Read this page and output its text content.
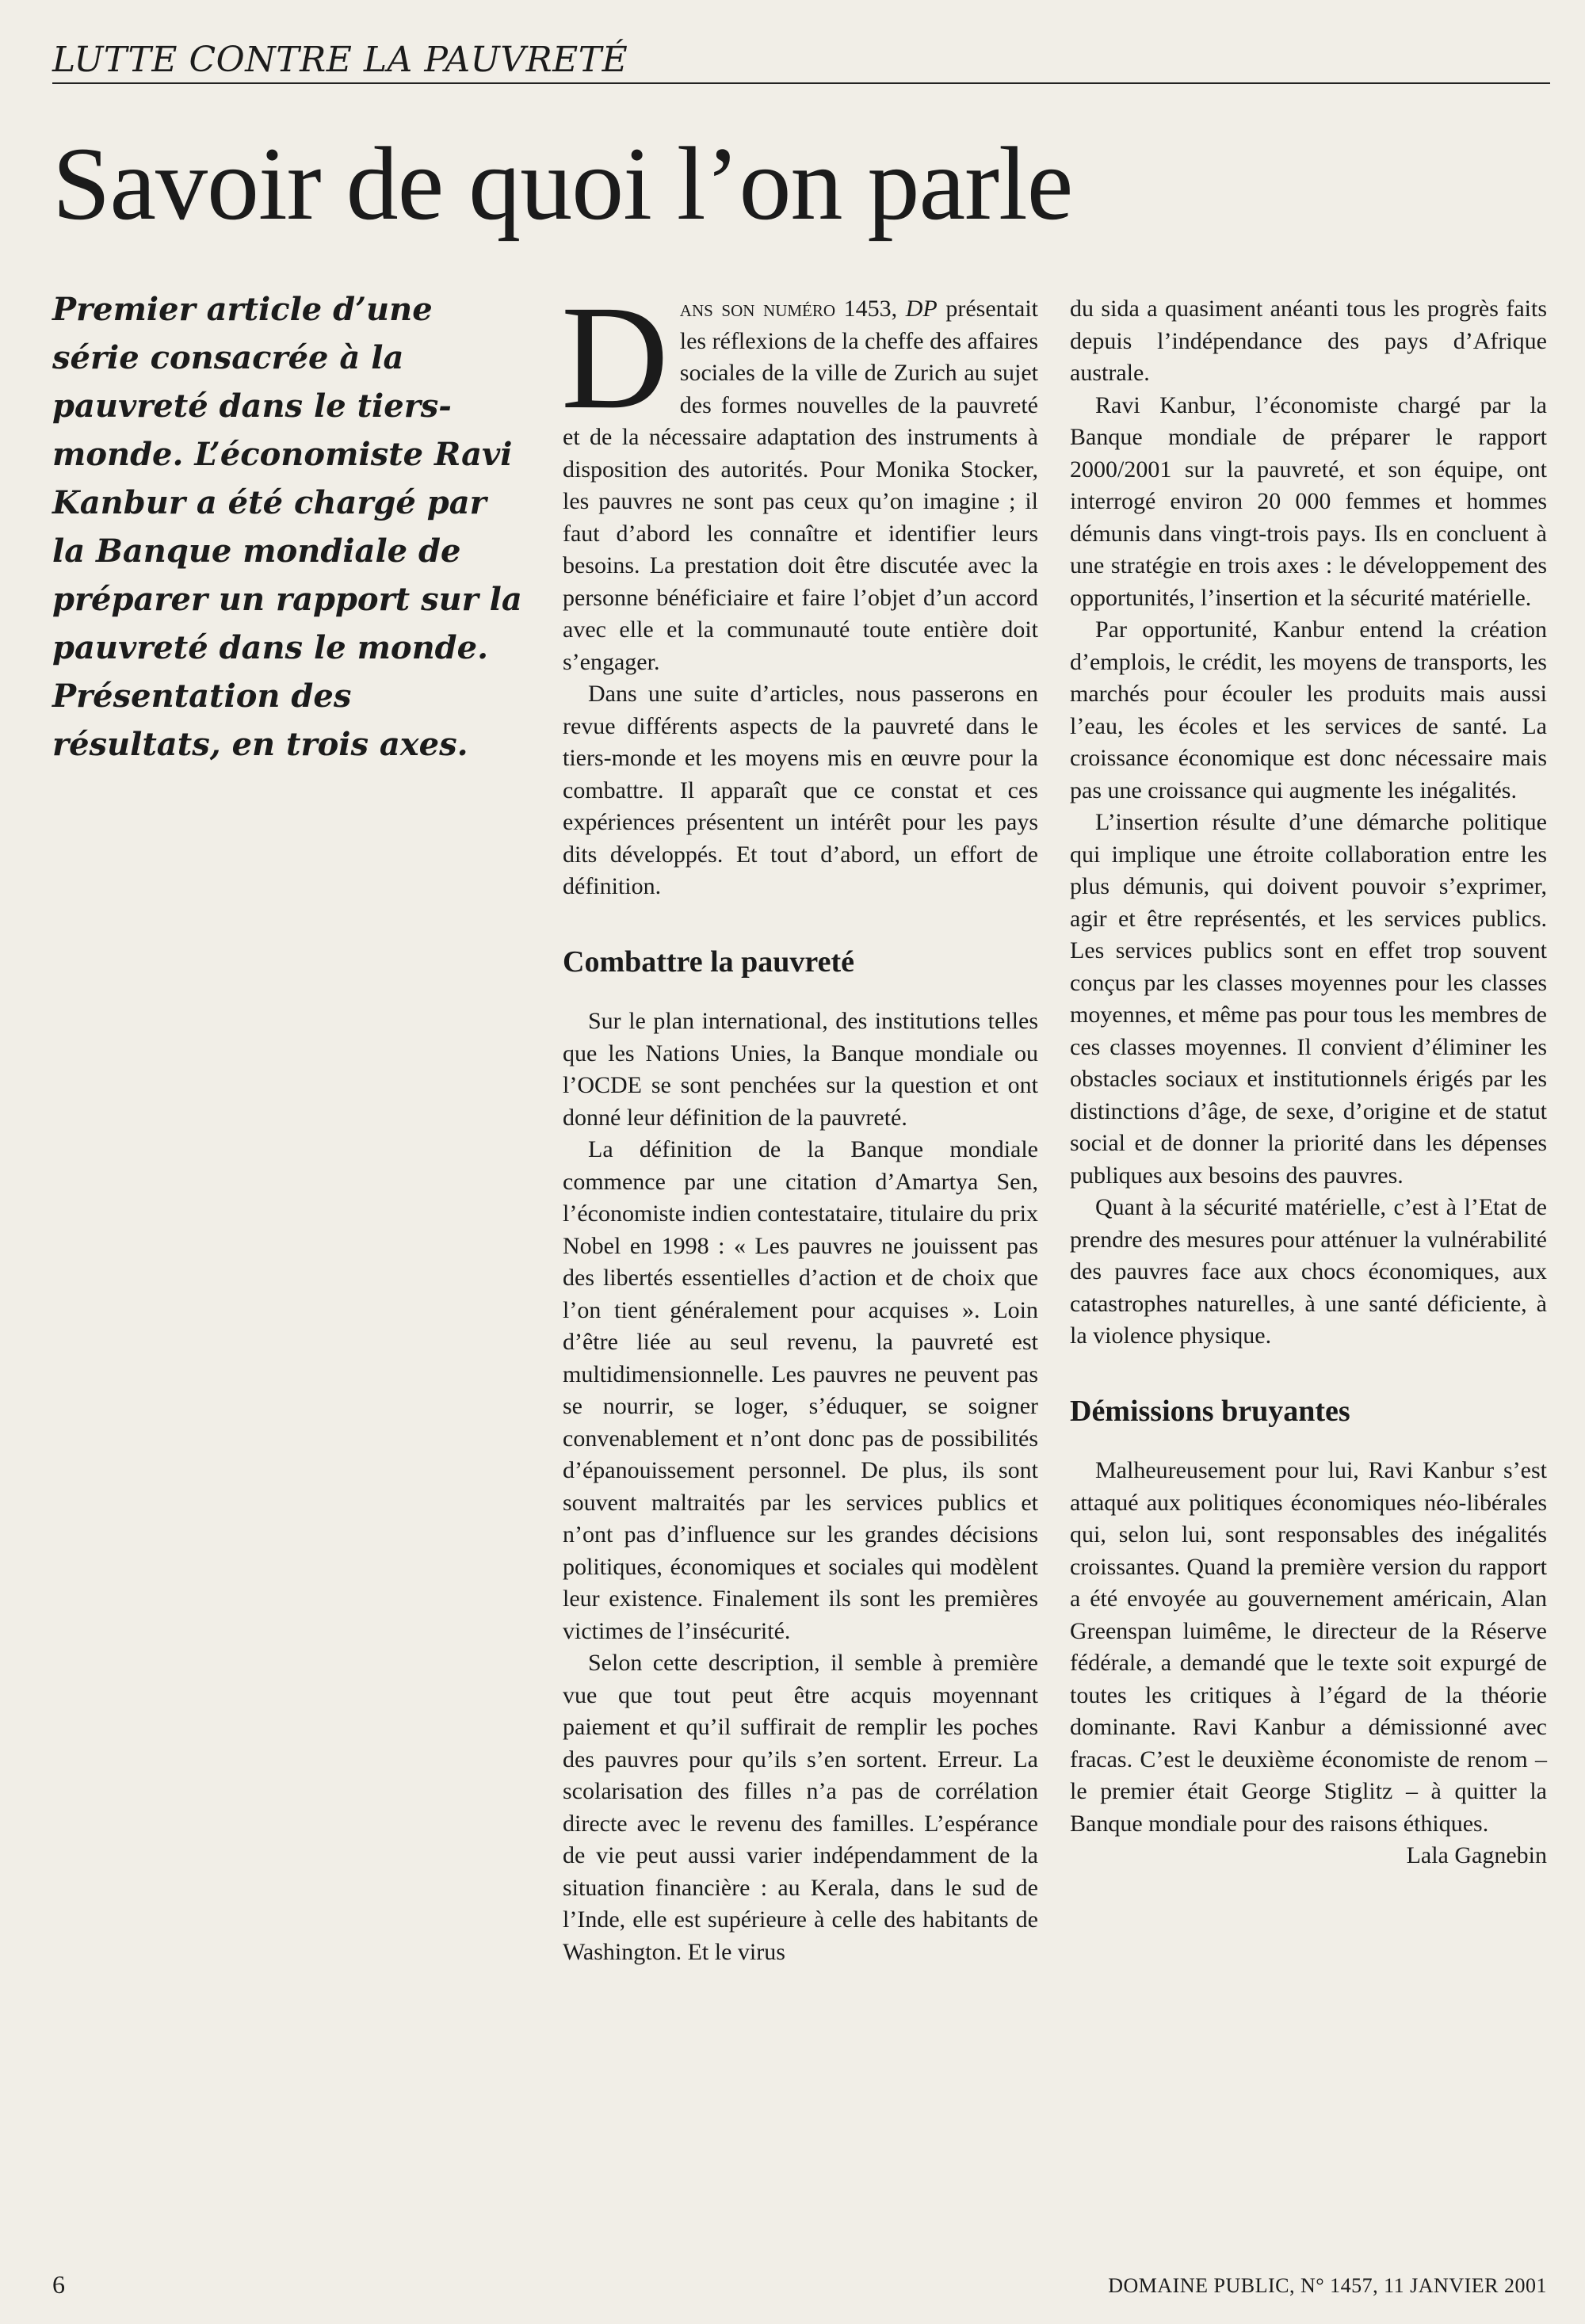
LUTTE CONTRE LA PAUVRETÉ
Savoir de quoi l’on parle

Premier article d’une série consacrée à la pauvreté dans le tiers-monde. L’économiste Ravi Kanbur a été chargé par la Banque mondiale de préparer un rapport sur la pauvreté dans le monde. Présentation des résultats, en trois axes.

Dans son numéro 1453, DP présentait les réflexions de la cheffe des affaires sociales de la ville de Zurich au sujet des formes nouvelles de la pauvreté et de la nécessaire adaptation des instruments à disposition des autorités. Pour Monika Stocker, les pauvres ne sont pas ceux qu’on imagine ; il faut d’abord les connaître et identifier leurs besoins. La prestation doit être discutée avec la personne bénéficiaire et faire l’objet d’un accord avec elle et la communauté toute entière doit s’engager.

Dans une suite d’articles, nous passerons en revue différents aspects de la pauvreté dans le tiers-monde et les moyens mis en œuvre pour la combattre. Il apparaît que ce constat et ces expériences présentent un intérêt pour les pays dits développés. Et tout d’abord, un effort de définition.

Combattre la pauvreté

Sur le plan international, des institutions telles que les Nations Unies, la Banque mondiale ou l’OCDE se sont penchées sur la question et ont donné leur définition de la pauvreté.

La définition de la Banque mondiale commence par une citation d’Amartya Sen, l’économiste indien contestataire, titulaire du prix Nobel en 1998 : « Les pauvres ne jouissent pas des libertés essentielles d’action et de choix que l’on tient généralement pour acquises ». Loin d’être liée au seul revenu, la pauvreté est multidimensionnelle. Les pauvres ne peuvent pas se nourrir, se loger, s’éduquer, se soigner convenablement et n’ont donc pas de possibilités d’épanouissement personnel. De plus, ils sont souvent maltraités par les services publics et n’ont pas d’influence sur les grandes décisions politiques, économiques et sociales qui modèlent leur existence. Finalement ils sont les premières victimes de l’insécurité.

Selon cette description, il semble à première vue que tout peut être acquis moyennant paiement et qu’il suffirait de remplir les poches des pauvres pour qu’ils s’en sortent. Erreur. La scolarisation des filles n’a pas de corrélation directe avec le revenu des familles. L’espérance de vie peut aussi varier indépendamment de la situation financière : au Kerala, dans le sud de l’Inde, elle est supérieure à celle des habitants de Washington. Et le virus

du sida a quasiment anéanti tous les progrès faits depuis l’indépendance des pays d’Afrique australe.

Ravi Kanbur, l’économiste chargé par la Banque mondiale de préparer le rapport 2000/2001 sur la pauvreté, et son équipe, ont interrogé environ 20 000 femmes et hommes démunis dans vingt-trois pays. Ils en concluent à une stratégie en trois axes : le développement des opportunités, l’insertion et la sécurité matérielle.

Par opportunité, Kanbur entend la création d’emplois, le crédit, les moyens de transports, les marchés pour écouler les produits mais aussi l’eau, les écoles et les services de santé. La croissance économique est donc nécessaire mais pas une croissance qui augmente les inégalités.

L’insertion résulte d’une démarche politique qui implique une étroite collaboration entre les plus démunis, qui doivent pouvoir s’exprimer, agir et être représentés, et les services publics. Les services publics sont en effet trop souvent conçus par les classes moyennes pour les classes moyennes, et même pas pour tous les membres de ces classes moyennes. Il convient d’éliminer les obstacles sociaux et institutionnels érigés par les distinctions d’âge, de sexe, d’origine et de statut social et de donner la priorité dans les dépenses publiques aux besoins des pauvres.

Quant à la sécurité matérielle, c’est à l’Etat de prendre des mesures pour atténuer la vulnérabilité des pauvres face aux chocs économiques, aux catastrophes naturelles, à une santé déficiente, à la violence physique.

Démissions bruyantes

Malheureusement pour lui, Ravi Kanbur s’est attaqué aux politiques économiques néo-libérales qui, selon lui, sont responsables des inégalités croissantes. Quand la première version du rapport a été envoyée au gouvernement américain, Alan Greenspan luimême, le directeur de la Réserve fédérale, a demandé que le texte soit expurgé de toutes les critiques à l’égard de la théorie dominante. Ravi Kanbur a démissionné avec fracas. C’est le deuxième économiste de renom – le premier était George Stiglitz – à quitter la Banque mondiale pour des raisons éthiques.
Lala Gagnebin

6	DOMAINE PUBLIC, N° 1457, 11 JANVIER 2001
